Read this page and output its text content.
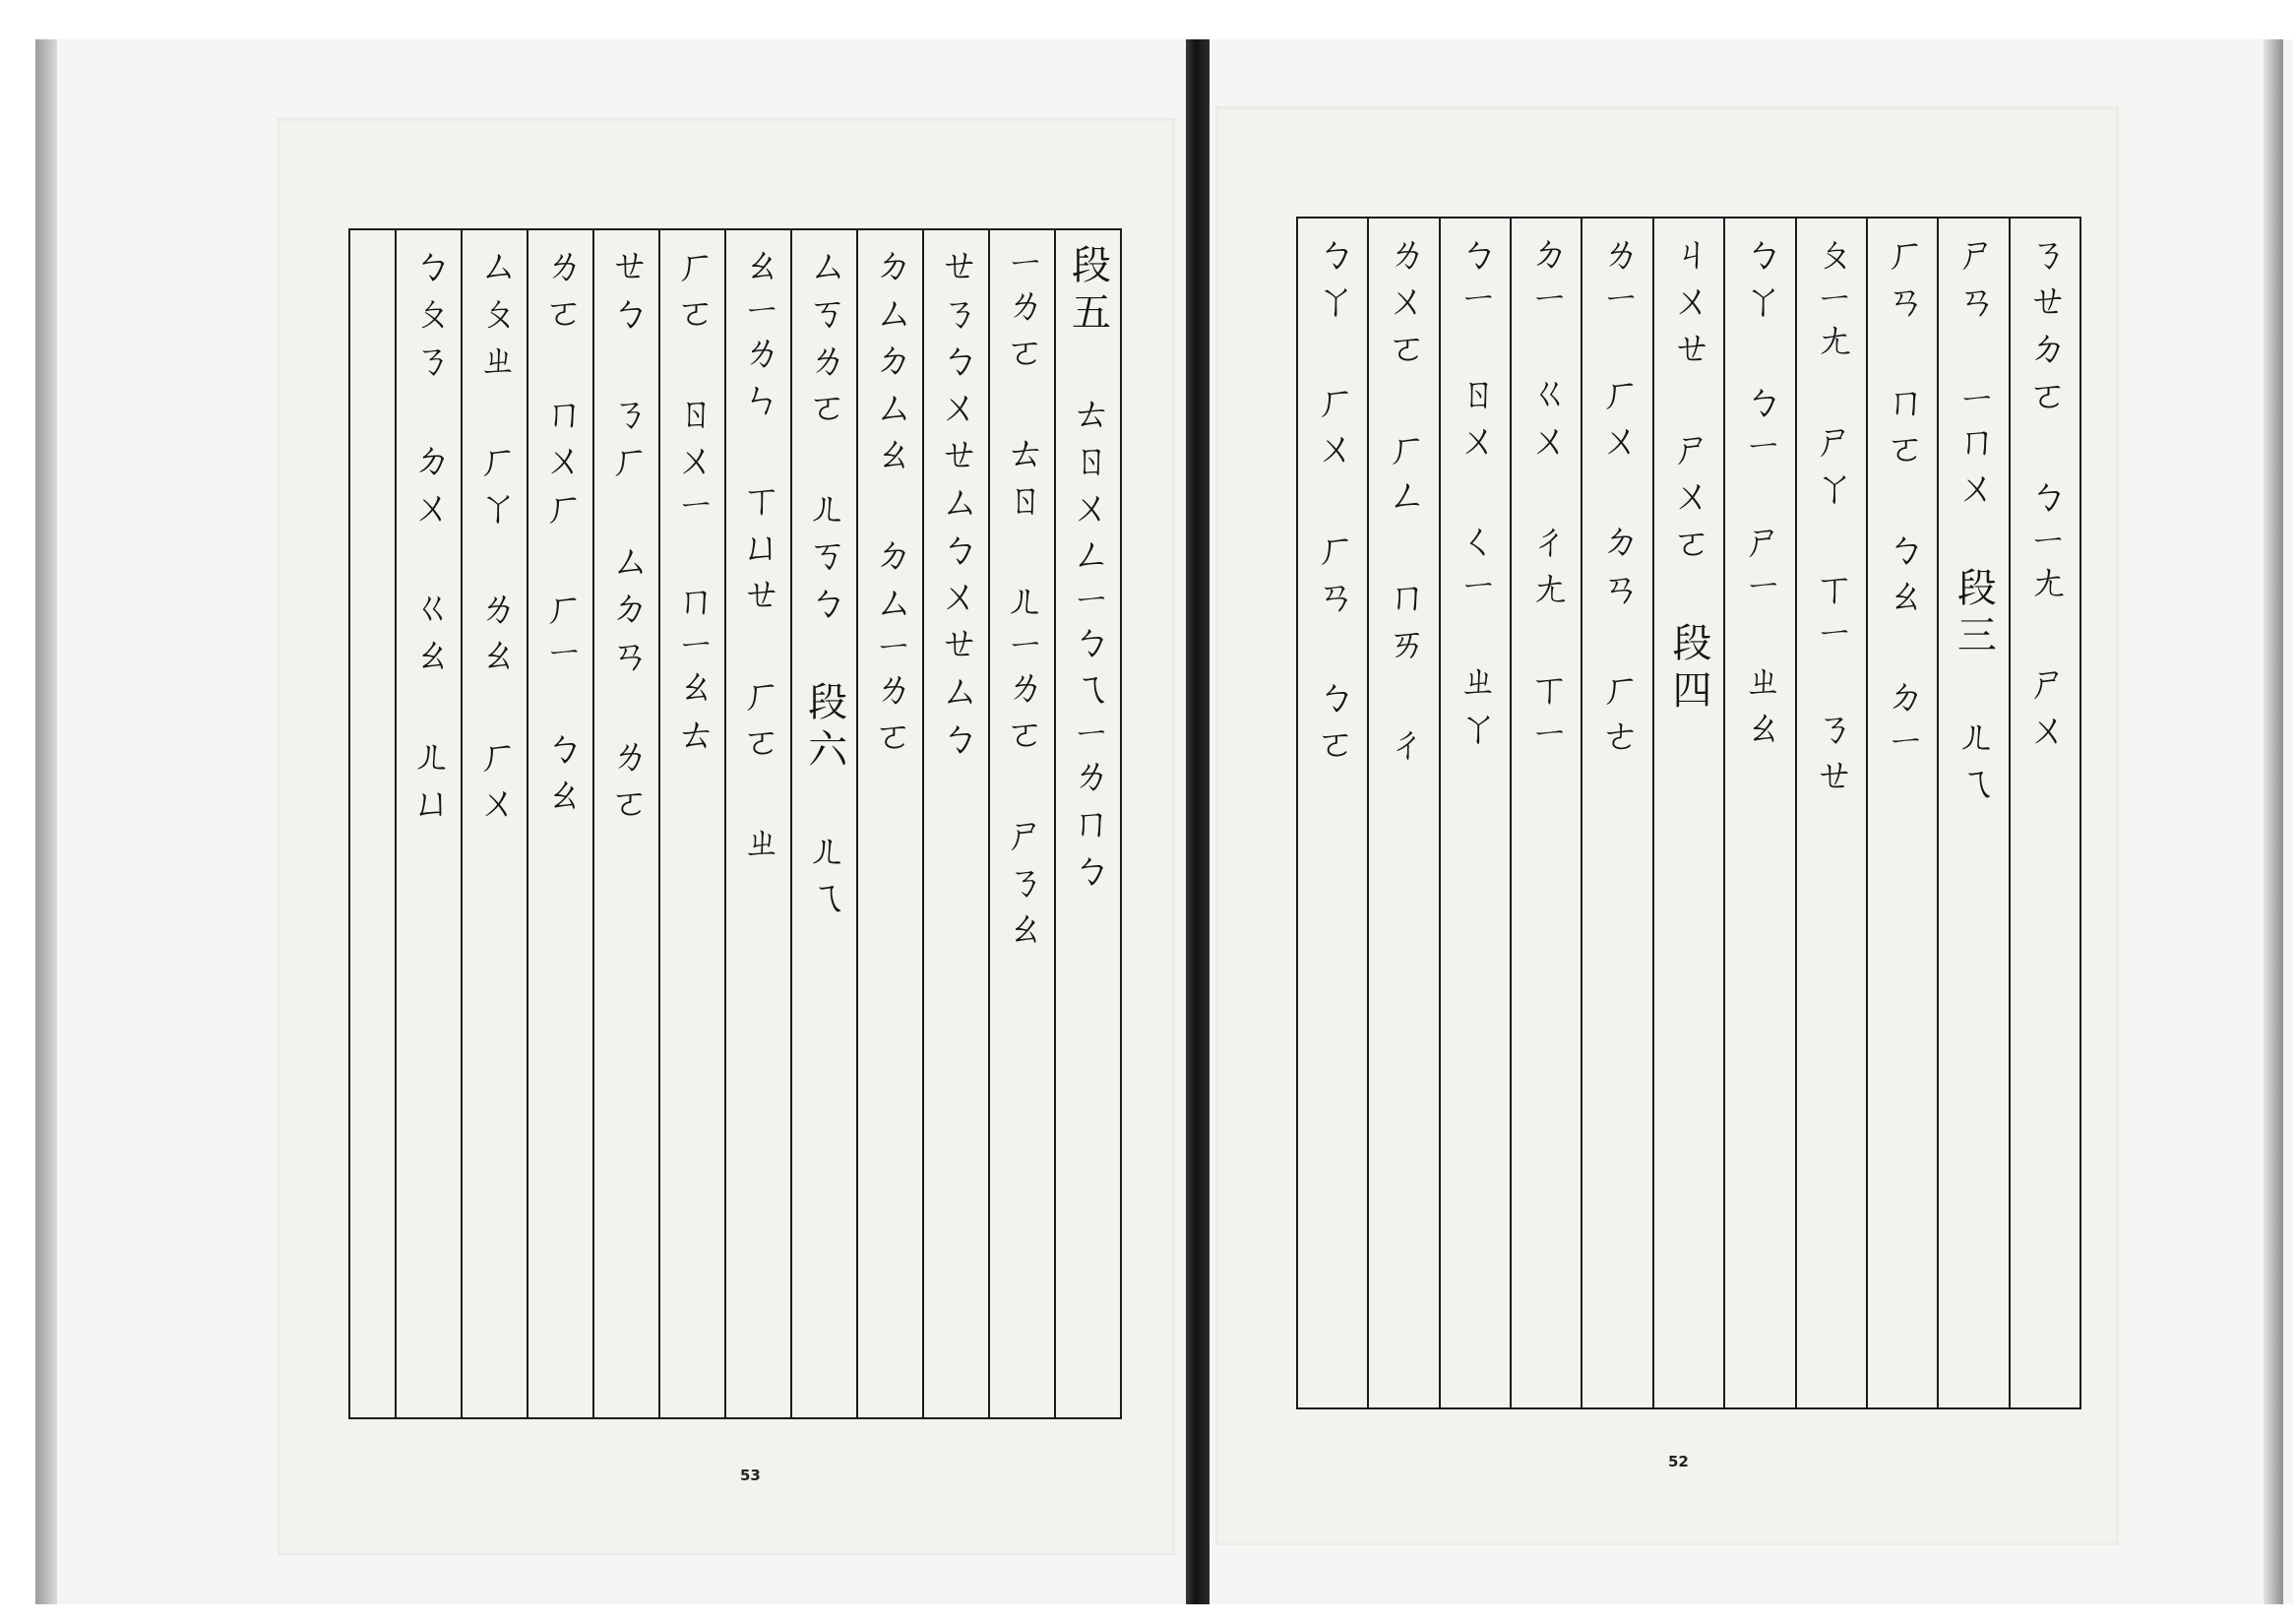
ㄅㄆㄋ ㄉㄨ ㄍㄠ ㄦㄩ ㄙㄆㄓ ㄏㄚ ㄌㄠ ㄏㄨ ㄌㄛ ㄇㄨㄏ ㄏㄧ ㄅㄠ ㄝㄅ ㄋㄏ ㄙㄉㄢ ㄌㄛ ㄏㄛ ㄖㄨㄧ ㄇㄧㄠㄊ ㄠㄧㄌㄣ ㄒㄩㄝ ㄏㄛ ㄓ ㄙㄎㄌㄛ ㄦㄎㄅ 段六 ㄦㄟ ㄉㄙㄉㄙㄠ ㄉㄙㄧㄌㄛ ㄝㄋㄅㄨㄝㄙㄅㄨㄝㄙㄅ ㄧㄌㄛ ㄊㄖ ㄦㄧㄌㄛ ㄕㄋㄠ 段五 ㄊㄖㄨㄥㄧㄅㄟㄧㄌㄇㄅ
53
ㄅㄚ ㄏㄨ ㄏㄢ ㄅㄛ ㄌㄨㄛ ㄏㄥ ㄇㄞ ㄔ ㄅㄧ ㄖㄨ ㄑㄧ ㄓㄚ ㄉㄧ ㄍㄨ ㄔㄤ ㄒㄧ ㄌㄧ ㄏㄨ ㄉㄢ ㄏㄜ ㄐㄨㄝ ㄕㄨㄛ 段四 ㄅㄚ ㄅㄧ ㄕㄧ ㄓㄠ ㄆㄧㄤ ㄕㄚ ㄒㄧ ㄋㄝ ㄏㄢ ㄇㄛ ㄅㄠ ㄉㄧ ㄕㄢ ㄧㄇㄨ 段三 ㄦㄟ ㄋㄝㄉㄛ ㄅㄧㄤ ㄕㄨ
52
